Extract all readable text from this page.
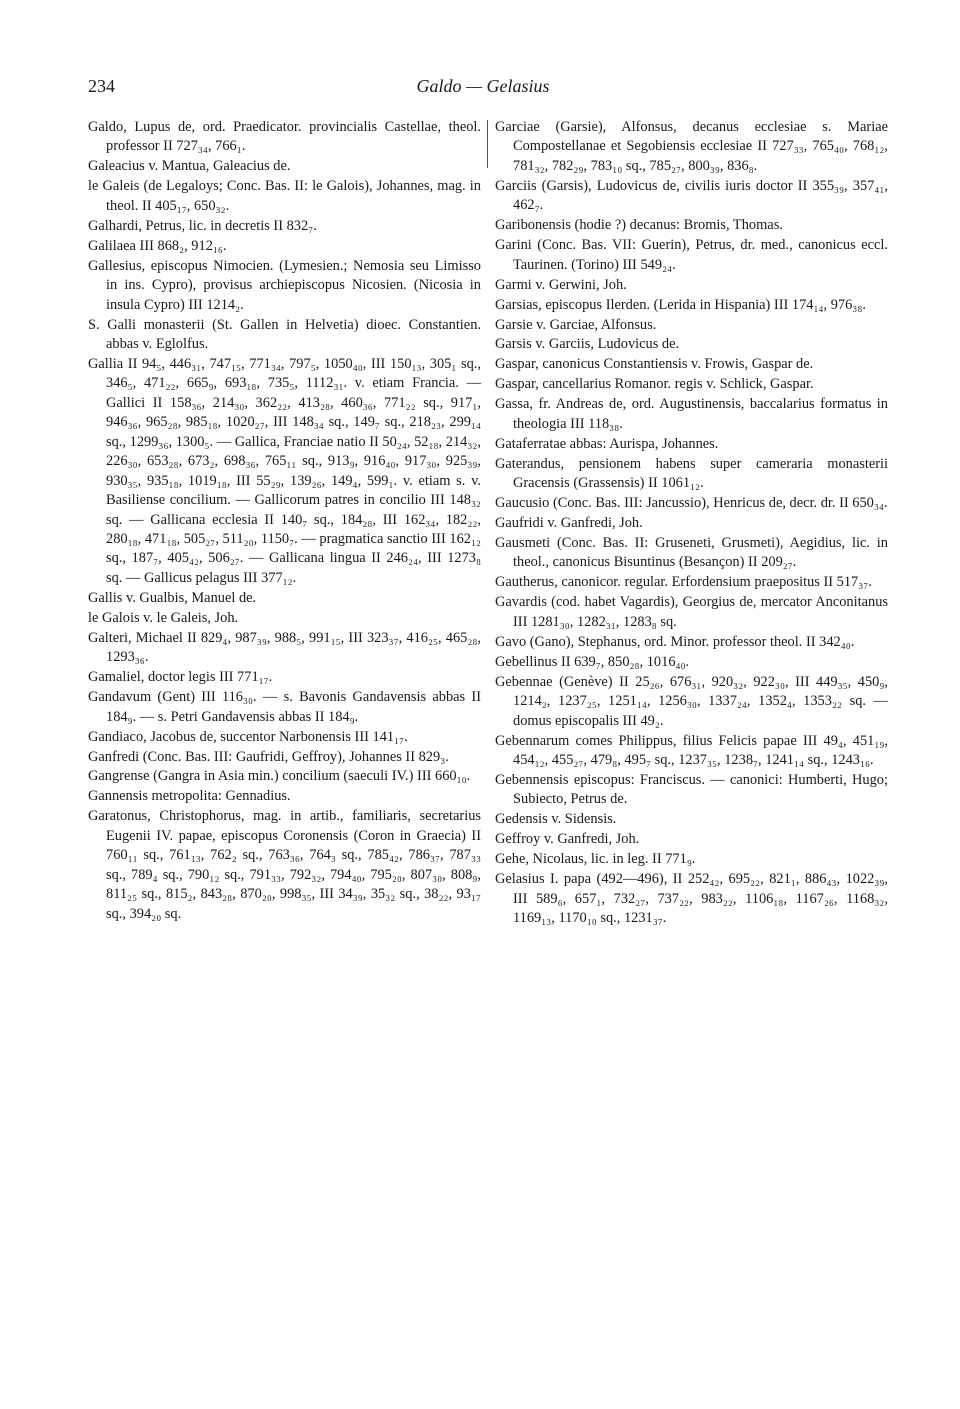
234	Galdo — Gelasius

Galdo, Lupus de, ord. Praedicator. provincialis Castellae, theol. professor II 727₃₄, 766₁.

Galeacius v. Mantua, Galeacius de.

le Galeis (de Legaloys; Conc. Bas. II: le Galois), Johannes, mag. in theol. II 405₁₇, 650₃₂.

Galhardi, Petrus, lic. in decretis II 832₇.

Galilaea III 868₂, 912₁₆.

Gallesius, episcopus Nimocien. (Lymesien.; Nemosia seu Limisso in ins. Cypro), provisus archiepiscopus Nicosien. (Nicosia in insula Cypro) III 1214₂.

S. Galli monasterii (St. Gallen in Helvetia) dioec. Constantien. abbas v. Eglolfus.

Gallia II 94₅, 446₃₁, 747₁₅, 771₃₄, 797₅, 1050₄₀, III 150₁₃, 305₁ sq., 346₅, 471₂₂, 665₉, 693₁₈, 735₅, 1112₃₁. v. etiam Francia. — Gallici II 158₃₆, 214₃₀, 362₂₂, 413₂₈, 460₃₆, 771₂₂ sq., 917₁, 946₃₆, 965₂₈, 985₁₈, 1020₂₇, III 148₃₄ sq., 149₇ sq., 218₂₃, 299₁₄ sq., 1299₃₆, 1300₅. — Gallica, Franciae natio II 50₂₄, 52₁₈, 214₃₂, 226₃₀, 653₂₈, 673₂, 698₃₆, 765₁₁ sq., 913₉, 916₄₀, 917₃₀, 925₃₉, 930₃₅, 935₁₈, 1019₁₈, III 55₂₉, 139₂₆, 149₄, 599₁. v. etiam s. v. Basiliense concilium. — Gallicorum patres in concilio III 148₃₂ sq. — Gallicana ecclesia II 140₇ sq., 184₂₈, III 162₃₄, 182₂₂, 280₁₈, 471₁₈, 505₂₇, 511₂₀, 1150₇. — pragmatica sanctio III 162₁₂ sq., 187₇, 405₄₂, 506₂₇. — Gallicana lingua II 246₂₄, III 1273₈ sq. — Gallicus pelagus III 377₁₂.

Gallis v. Gualbis, Manuel de.

le Galois v. le Galeis, Joh.

Galteri, Michael II 829₄, 987₃₉, 988₅, 991₁₅, III 323₃₇, 416₂₅, 465₂₈, 1293₃₆.

Gamaliel, doctor legis III 771₁₇.

Gandavum (Gent) III 116₃₀. — s. Bavonis Gandavensis abbas II 184₉. — s. Petri Gandavensis abbas II 184₉.

Gandiaco, Jacobus de, succentor Narbonensis III 141₁₇.

Ganfredi (Conc. Bas. III: Gaufridi, Geffroy), Johannes II 829₃.

Gangrense (Gangra in Asia min.) concilium (saeculi IV.) III 660₁₀.

Gannensis metropolita: Gennadius.

Garatonus, Christophorus, mag. in artib., familiaris, secretarius Eugenii IV. papae, episcopus Coronensis (Coron in Graecia) II 760₁₁ sq., 761₁₃, 762₂ sq., 763₃₆, 764₃ sq., 785₄₂, 786₃₇, 787₃₃ sq., 789₄ sq., 790₁₂ sq., 791₃₃, 792₃₂, 794₄₀, 795₂₀, 807₃₀, 808₉, 811₂₅ sq., 815₂, 843₂₈, 870₂₀, 998₃₅, III 34₃₉, 35₃₂ sq., 38₂₂, 93₁₇ sq., 394₂₀ sq.

Garciae (Garsie), Alfonsus, decanus ecclesiae s. Mariae Compostellanae et Segobiensis ecclesiae II 727₃₃, 765₄₀, 768₁₂, 781₃₂, 782₂₉, 783₁₀ sq., 785₂₇, 800₃₉, 836₈.

Garciis (Garsis), Ludovicus de, civilis iuris doctor II 355₃₉, 357₄₁, 462₇.

Garibonensis (hodie ?) decanus: Bromis, Thomas.

Garini (Conc. Bas. VII: Guerin), Petrus, dr. med., canonicus eccl. Taurinen. (Torino) III 549₂₄.

Garmi v. Gerwini, Joh.

Garsias, episcopus Ilerden. (Lerida in Hispania) III 174₁₄, 976₃₈.

Garsie v. Garciae, Alfonsus.

Garsis v. Garciis, Ludovicus de.

Gaspar, canonicus Constantiensis v. Frowis, Gaspar de.

Gaspar, cancellarius Romanor. regis v. Schlick, Gaspar.

Gassa, fr. Andreas de, ord. Augustinensis, baccalarius formatus in theologia III 118₃₈.

Gataferratae abbas: Aurispa, Johannes.

Gaterandus, pensionem habens super cameraria monasterii Gracensis (Grassensis) II 1061₁₂.

Gaucusio (Conc. Bas. III: Jancussio), Henricus de, decr. dr. II 650₃₄.

Gaufridi v. Ganfredi, Joh.

Gausmeti (Conc. Bas. II: Gruseneti, Grusmeti), Aegidius, lic. in theol., canonicus Bisuntinus (Besançon) II 209₂₇.

Gautherus, canonicor. regular. Erfordensium praepositus II 517₃₇.

Gavardis (cod. habet Vagardis), Georgius de, mercator Anconitanus III 1281₃₀, 1282₃₁, 1283₈ sq.

Gavo (Gano), Stephanus, ord. Minor. professor theol. II 342₄₀.

Gebellinus II 639₇, 850₂₈, 1016₄₀.

Gebennae (Genève) II 25₂₆, 676₃₁, 920₃₂, 922₃₀, III 449₃₅, 450₉, 1214₂, 1237₂₅, 1251₁₄, 1256₃₀, 1337₂₄, 1352₄, 1353₂₂ sq. — domus episcopalis III 49₂.

Gebennarum comes Philippus, filius Felicis papae III 49₄, 451₁₉, 454₁₂, 455₂₇, 479₈, 495₇ sq., 1237₃₅, 1238₇, 1241₁₄ sq., 1243₁₆.

Gebennensis episcopus: Franciscus. — canonici: Humberti, Hugo; Subiecto, Petrus de.

Gedensis v. Sidensis.

Geffroy v. Ganfredi, Joh.

Gehe, Nicolaus, lic. in leg. II 771₉.

Gelasius I. papa (492—496), II 252₄₂, 695₂₂, 821₁, 886₄₃, 1022₃₉, III 589₆, 657₁, 732₂₇, 737₂₂, 983₂₂, 1106₁₈, 1167₂₆, 1168₃₂, 1169₁₃, 1170₁₀ sq., 1231₃₇.
